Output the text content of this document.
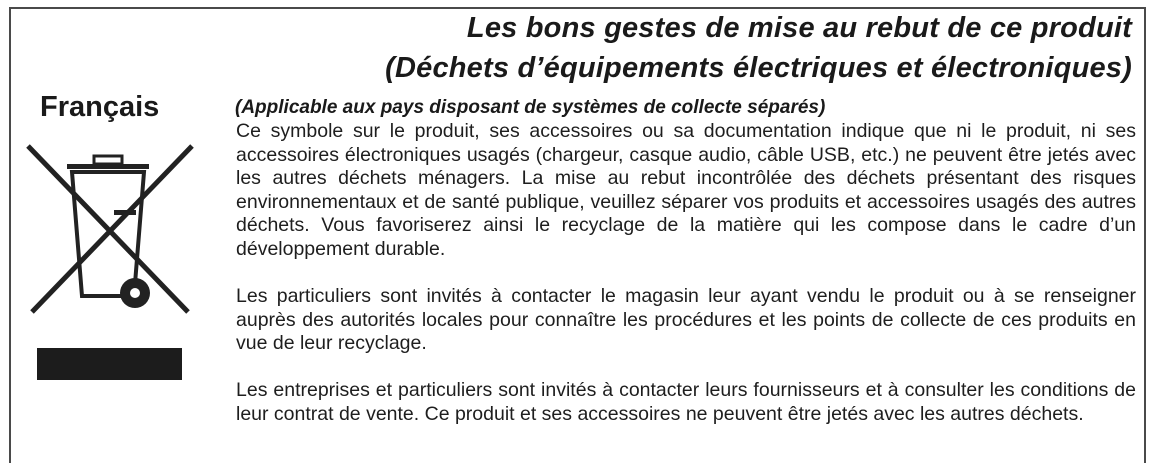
Les bons gestes de mise au rebut de ce produit
(Déchets d’équipements électriques et électroniques)
Français	(Applicable aux pays disposant de systèmes de collecte séparés)
Ce symbole sur le produit, ses accessoires ou sa documentation indique que ni le produit, ni ses accessoires électroniques usagés (chargeur, casque audio, câble USB, etc.) ne peuvent être jetés avec les autres déchets ménagers. La mise au rebut incontrôlée des déchets présentant des risques environnementaux et de santé publique, veuillez séparer vos produits et accessoires usagés des autres déchets. Vous favoriserez ainsi le recyclage de la matière qui les compose dans le cadre d’un développement durable.
Les particuliers sont invités à contacter le magasin leur ayant vendu le produit ou à se renseigner auprès des autorités locales pour connaître les procédures et les points de collecte de ces produits en vue de leur recyclage.
Les entreprises et particuliers sont invités à contacter leurs fournisseurs et à consulter les conditions de leur contrat de vente. Ce produit et ses accessoires ne peuvent être jetés avec les autres déchets.
